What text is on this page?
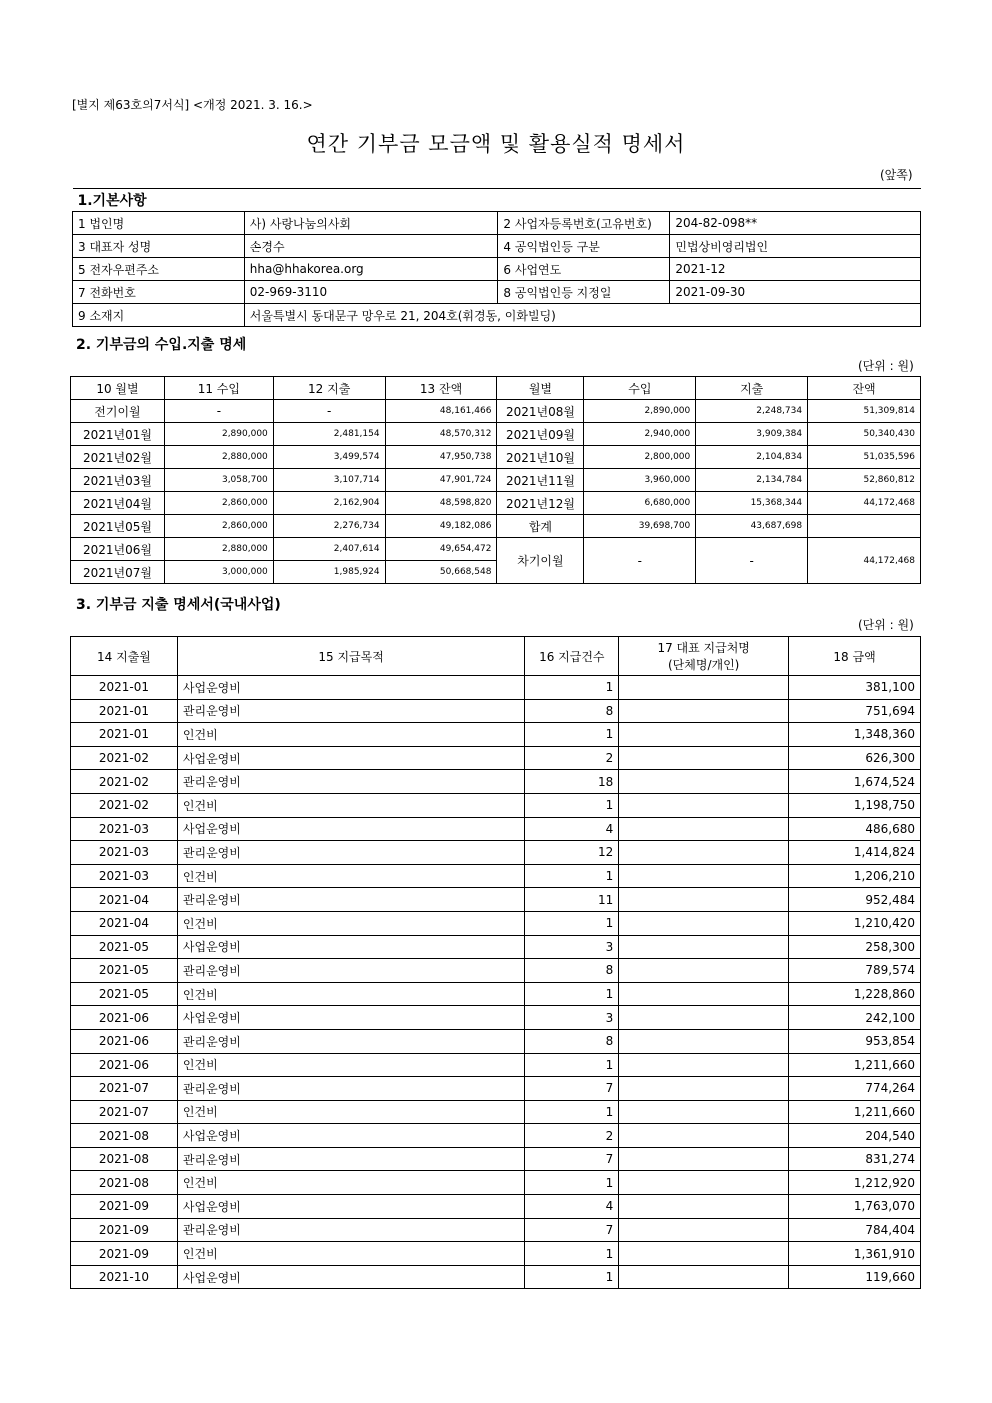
[별지 제63호의7서식] <개정 2021. 3. 16.>
연간 기부금 모금액 및 활용실적 명세서
(앞쪽)
1.기본사항			
1 법인명	사) 사랑나눔의사회	2 사업자등록번호(고유번호)	204-82-098**
3 대표자 성명	손경수	4 공익법인등 구분	민법상비영리법인
5 전자우편주소	hha@hhakorea.org	6 사업연도	2021-12
7 전화번호	02-969-3110	8 공익법인등 지정일	2021-09-30
9 소재지	서울특별시 동대문구 망우로 21, 204호(휘경동, 이화빌딩)		
2. 기부금의 수입.지출 명세
(단위 : 원)
10 월별	11 수입	12 지출	13 잔액	월별	수입	지출	잔액
전기이월	-	-	48,161,466	2021년08월	2,890,000	2,248,734	51,309,814
2021년01월	2,890,000	2,481,154	48,570,312	2021년09월	2,940,000	3,909,384	50,340,430
2021년02월	2,880,000	3,499,574	47,950,738	2021년10월	2,800,000	2,104,834	51,035,596
2021년03월	3,058,700	3,107,714	47,901,724	2021년11월	3,960,000	2,134,784	52,860,812
2021년04월	2,860,000	2,162,904	48,598,820	2021년12월	6,680,000	15,368,344	44,172,468
2021년05월	2,860,000	2,276,734	49,182,086	합계	39,698,700	43,687,698	
2021년06월	2,880,000	2,407,614	49,654,472	차기이월	-	-	44,172,468
2021년07월	3,000,000	1,985,924	50,668,548				
3. 기부금 지출 명세서(국내사업)
(단위 : 원)
14 지출월	15 지급목적	16 지급건수	17 대표 지급처명
(단체명/개인)	18 금액
2021-01	사업운영비	1		381,100
2021-01	관리운영비	8		751,694
2021-01	인건비	1		1,348,360
2021-02	사업운영비	2		626,300
2021-02	관리운영비	18		1,674,524
2021-02	인건비	1		1,198,750
2021-03	사업운영비	4		486,680
2021-03	관리운영비	12		1,414,824
2021-03	인건비	1		1,206,210
2021-04	관리운영비	11		952,484
2021-04	인건비	1		1,210,420
2021-05	사업운영비	3		258,300
2021-05	관리운영비	8		789,574
2021-05	인건비	1		1,228,860
2021-06	사업운영비	3		242,100
2021-06	관리운영비	8		953,854
2021-06	인건비	1		1,211,660
2021-07	관리운영비	7		774,264
2021-07	인건비	1		1,211,660
2021-08	사업운영비	2		204,540
2021-08	관리운영비	7		831,274
2021-08	인건비	1		1,212,920
2021-09	사업운영비	4		1,763,070
2021-09	관리운영비	7		784,404
2021-09	인건비	1		1,361,910
2021-10	사업운영비	1		119,660
